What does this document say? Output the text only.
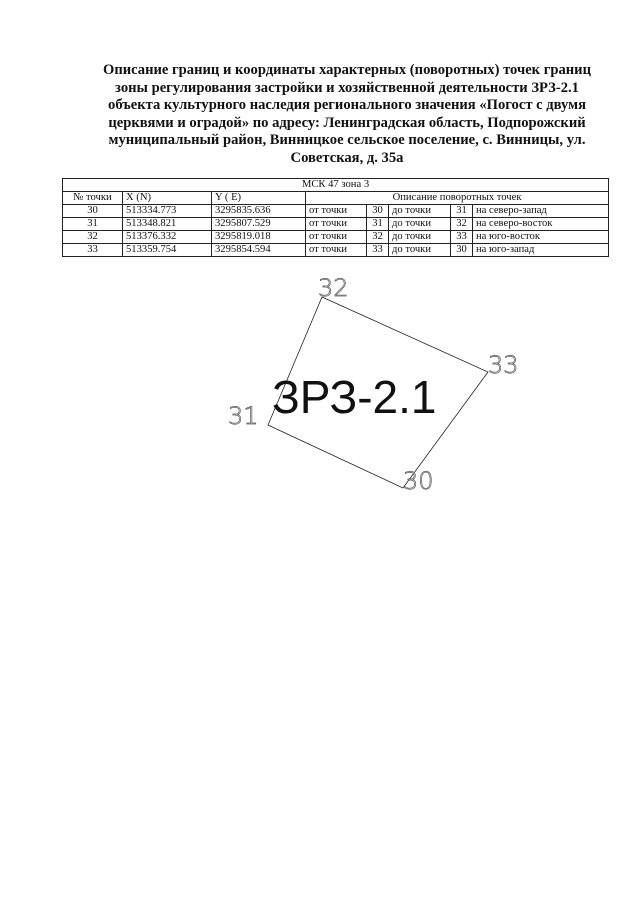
Описание границ и координаты характерных (поворотных) точек границ зоны регулирования застройки и хозяйственной деятельности ЗРЗ-2.1 объекта культурного наследия регионального значения «Погост с двумя церквями и оградой» по адресу: Ленинградская область, Подпорожский муниципальный район, Винницкое сельское поселение, с. Винницы, ул. Советская, д. 35а

МСК 47 зона 3							
№ точки	X (N)	Y ( E)	Описание поворотных точек				
30	513334.773	3295835.636	от точки	30	до точки	31	на северо-запад
31	513348.821	3295807.529	от точки	31	до точки	32	на северо-восток
32	513376.332	3295819.018	от точки	32	до точки	33	на юго-восток
33	513359.754	3295854.594	от точки	33	до точки	30	на юго-запад
ЗРЗ-2.1
32
33
31
30
